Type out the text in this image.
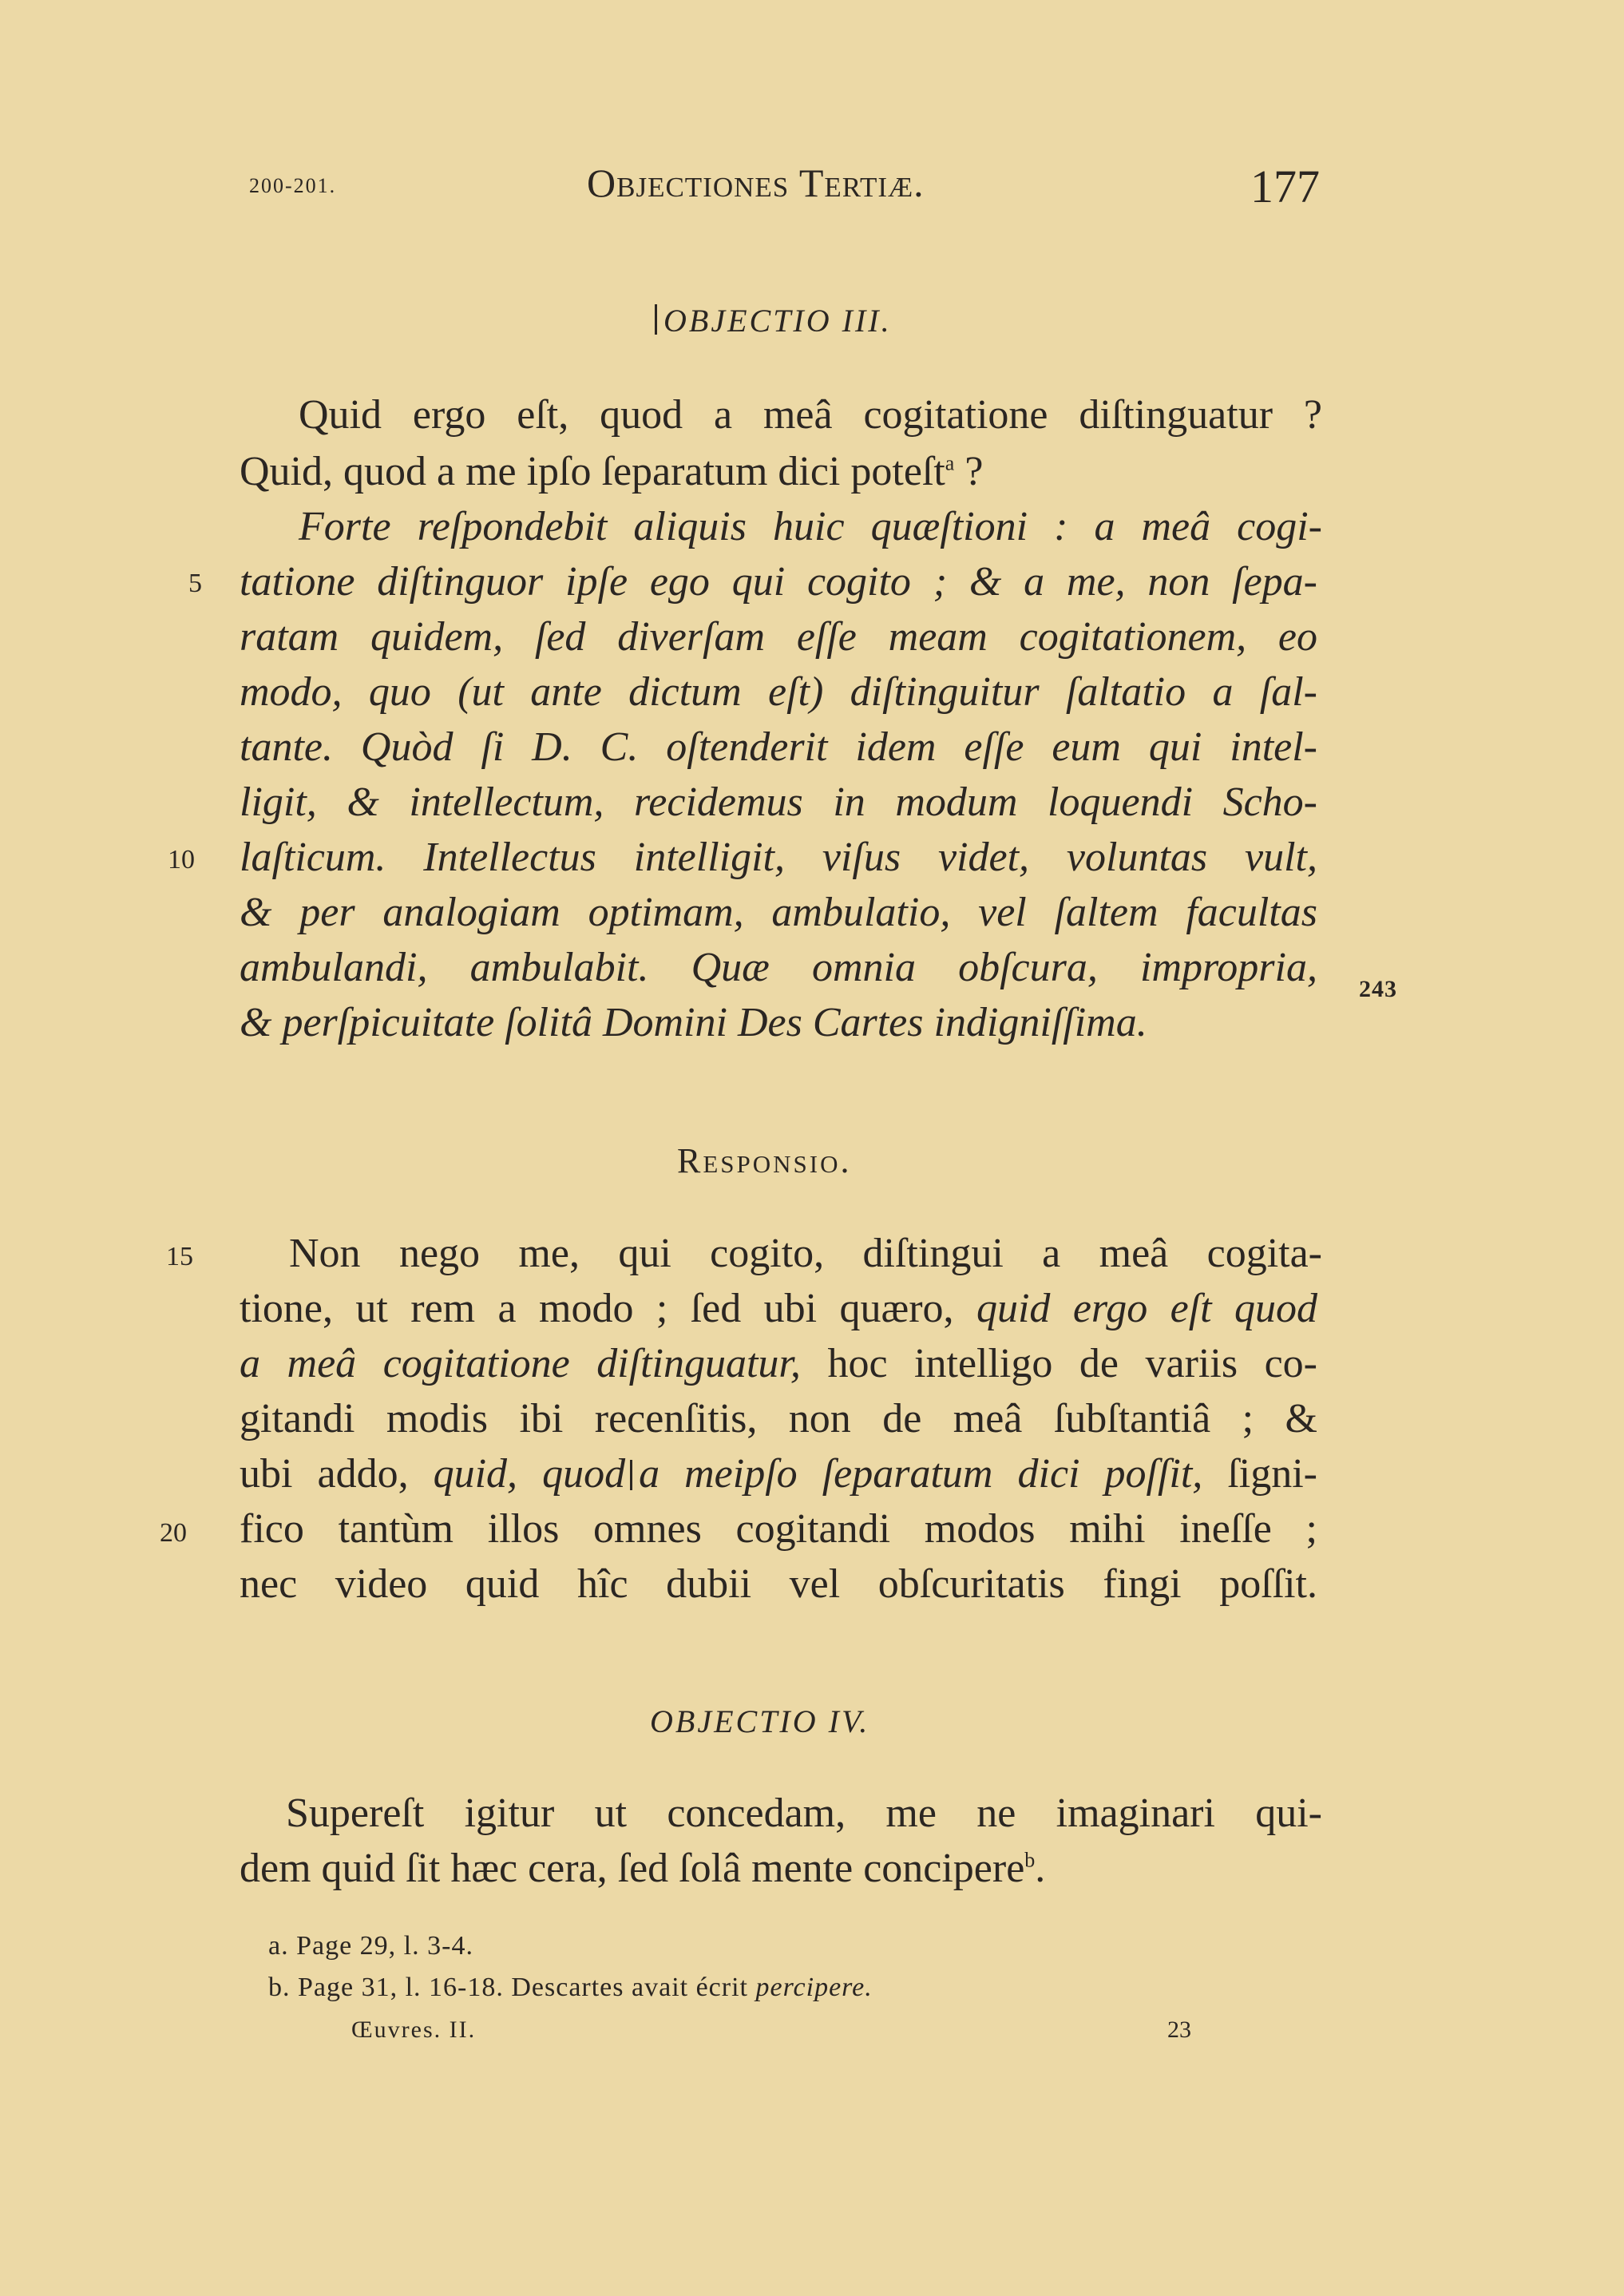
200-201.	Objectiones Tertiæ.	177
OBJECTIO III.
Quid ergo eſt, quod a meâ cogitatione diſtinguatur ?
Quid, quod a me ipſo ſeparatum dici poteſt$^a$ ?
Forte reſpondebit aliquis huic quæſtioni : a meâ cogi-
tatione diſtinguor ipſe ego qui cogito ; & a me, non ſepa-
ratam quidem, ſed diverſam eſſe meam cogitationem, eo
modo, quo (ut ante dictum eſt) diſtinguitur ſaltatio a ſal-
tante. Quòd ſi D. C. oſtenderit idem eſſe eum qui intel-
ligit, & intellectum, recidemus in modum loquendi Scho-
laſticum. Intellectus intelligit, viſus videt, voluntas vult,
& per analogiam optimam, ambulatio, vel ſaltem facultas
ambulandi, ambulabit. Quæ omnia obſcura, impropria,
& perſpicuitate ſolitâ Domini Des Cartes indigniſſima.
Responsio.
Non nego me, qui cogito, diſtingui a meâ cogita-
tione, ut rem a modo ; ſed ubi quæro, quid ergo eſt quod
a meâ cogitatione diſtinguatur, hoc intelligo de variis co-
gitandi modis ibi recenſitis, non de meâ ſubſtantiâ ; &
ubi addo, quid, quod a meipſo ſeparatum dici poſſit, ſigni-
fico tantùm illos omnes cogitandi modos mihi ineſſe ;
nec video quid hîc dubii vel obſcuritatis fingi poſſit.
OBJECTIO IV.
Supereſt igitur ut concedam, me ne imaginari qui-
dem quid ſit hæc cera, ſed ſolâ mente concipere$^b$.
5
10
15
20
243
a. Page 29, l. 3-4.
b. Page 31, l. 16-18. Descartes avait écrit percipere.
Œuvres. II.	23
